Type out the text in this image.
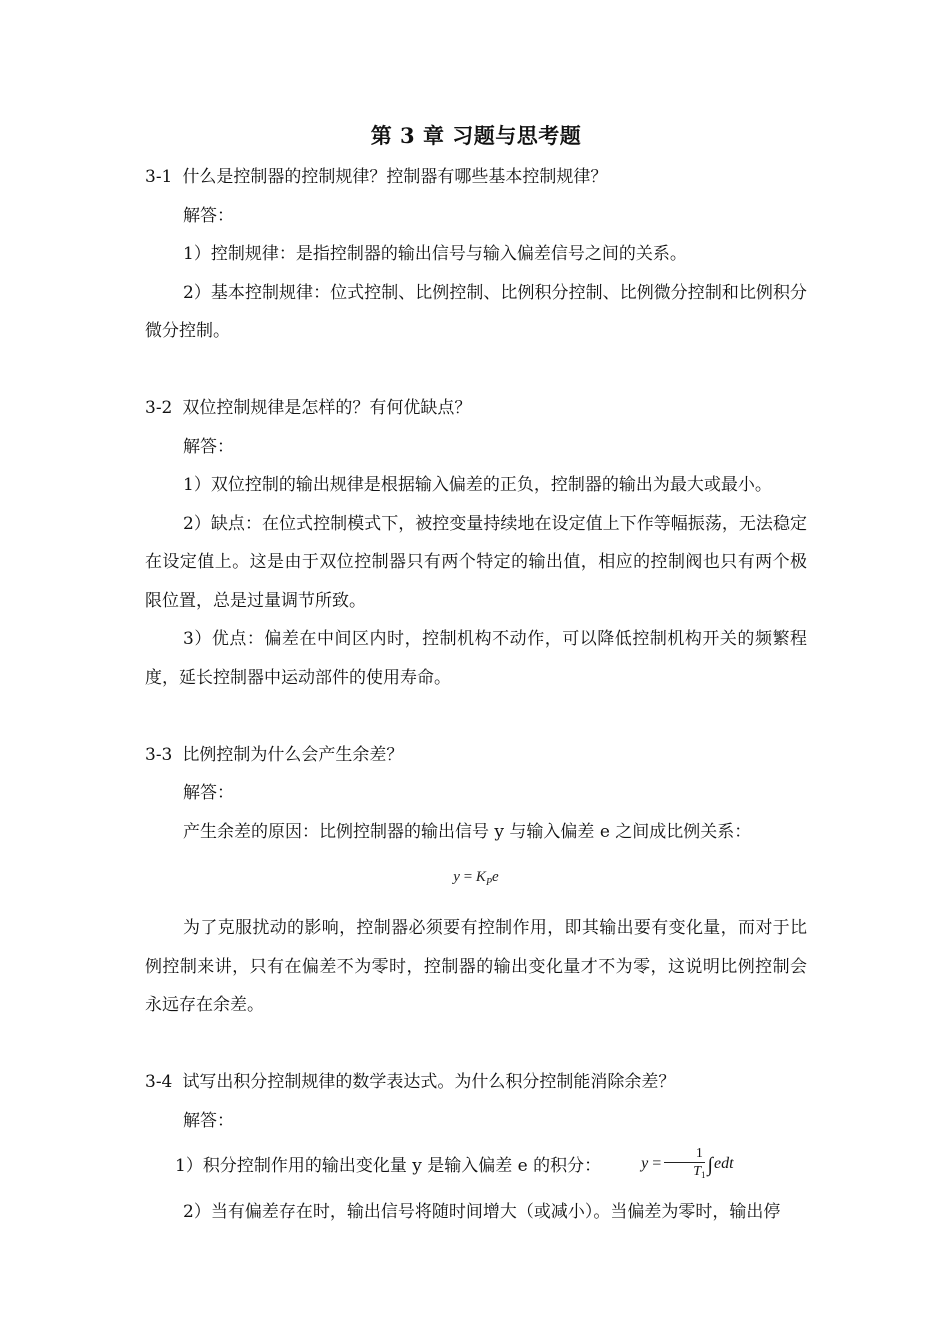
第 3 章 习题与思考题

3-1 什么是控制器的控制规律？控制器有哪些基本控制规律？

解答：

1）控制规律：是指控制器的输出信号与输入偏差信号之间的关系。

2）基本控制规律：位式控制、比例控制、比例积分控制、比例微分控制和比例积分微分控制。

3-2 双位控制规律是怎样的？有何优缺点？

解答：

1）双位控制的输出规律是根据输入偏差的正负，控制器的输出为最大或最小。

2）缺点：在位式控制模式下，被控变量持续地在设定值上下作等幅振荡，无法稳定在设定值上。这是由于双位控制器只有两个特定的输出值，相应的控制阀也只有两个极限位置，总是过量调节所致。

3）优点：偏差在中间区内时，控制机构不动作，可以降低控制机构开关的频繁程度，延长控制器中运动部件的使用寿命。

3-3 比例控制为什么会产生余差？

解答：

产生余差的原因：比例控制器的输出信号 y 与输入偏差 e 之间成比例关系：

$y = K_Pe$

为了克服扰动的影响，控制器必须要有控制作用，即其输出要有变化量，而对于比例控制来讲，只有在偏差不为零时，控制器的输出变化量才不为零，这说明比例控制会永远存在余差。

3-4 试写出积分控制规律的数学表达式。为什么积分控制能消除余差？

解答：

1）积分控制作用的输出变化量 y 是输入偏差 e 的积分：	$y = \frac{1}{T_1} \int edt$

2）当有偏差存在时，输出信号将随时间增大（或减小）。当偏差为零时，输出停
